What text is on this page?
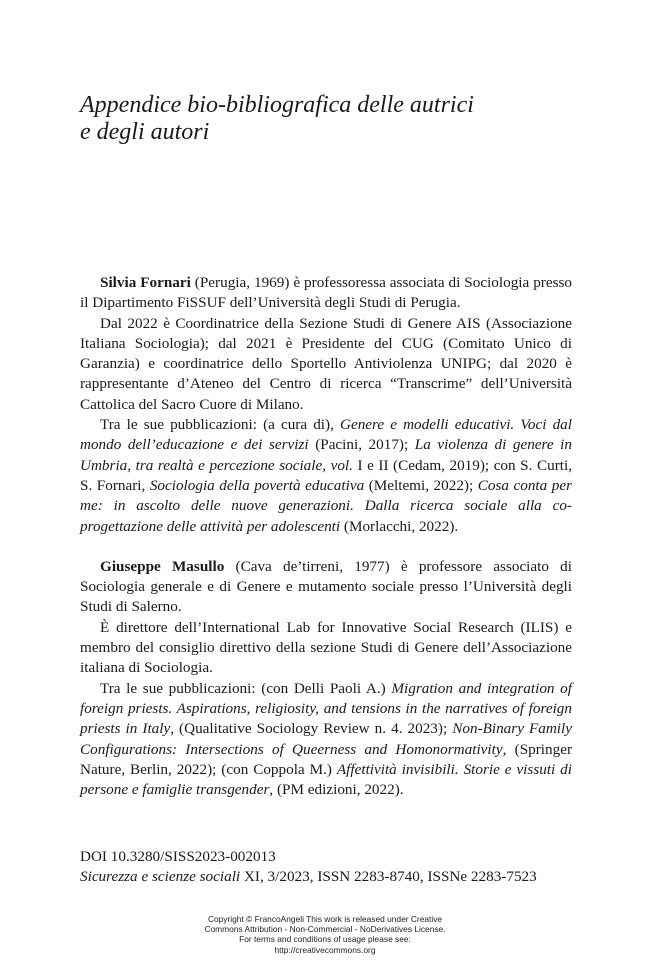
Appendice bio-bibliografica delle autrici
e degli autori

Silvia Fornari (Perugia, 1969) è professoressa associata di Sociologia presso il Dipartimento FiSSUF dell’Università degli Studi di Perugia.

Dal 2022 è Coordinatrice della Sezione Studi di Genere AIS (Associazione Italiana Sociologia); dal 2021 è Presidente del CUG (Comitato Unico di Garanzia) e coordinatrice dello Sportello Antiviolenza UNIPG; dal 2020 è rappresentante d’Ateneo del Centro di ricerca “Transcrime” dell’Università Cattolica del Sacro Cuore di Milano.

Tra le sue pubblicazioni: (a cura di), Genere e modelli educativi. Voci dal mondo dell’educazione e dei servizi (Pacini, 2017); La violenza di genere in Umbria, tra realtà e percezione sociale, vol. I e II (Cedam, 2019); con S. Curti, S. Fornari, Sociologia della povertà educativa (Meltemi, 2022); Cosa conta per me: in ascolto delle nuove generazioni. Dalla ricerca sociale alla co-progettazione delle attività per adolescenti (Morlacchi, 2022).

Giuseppe Masullo (Cava de’tirreni, 1977) è professore associato di Sociologia generale e di Genere e mutamento sociale presso l’Università degli Studi di Salerno.

È direttore dell’International Lab for Innovative Social Research (ILIS) e membro del consiglio direttivo della sezione Studi di Genere dell’Associazione italiana di Sociologia.

Tra le sue pubblicazioni: (con Delli Paoli A.) Migration and integration of foreign priests. Aspirations, religiosity, and tensions in the narratives of foreign priests in Italy, (Qualitative Sociology Review n. 4. 2023); Non-Binary Family Configurations: Intersections of Queerness and Homonormativity, (Springer Nature, Berlin, 2022); (con Coppola M.) Affettività invisibili. Storie e vissuti di persone e famiglie transgender, (PM edizioni, 2022).

DOI 10.3280/SISS2023-002013
Sicurezza e scienze sociali XI, 3/2023, ISSN 2283-8740, ISSNe 2283-7523
Copyright © FrancoAngeli This work is released under Creative
Commons Attribution - Non-Commercial - NoDerivatives License.
For terms and conditions of usage please see:
http://creativecommons.org
